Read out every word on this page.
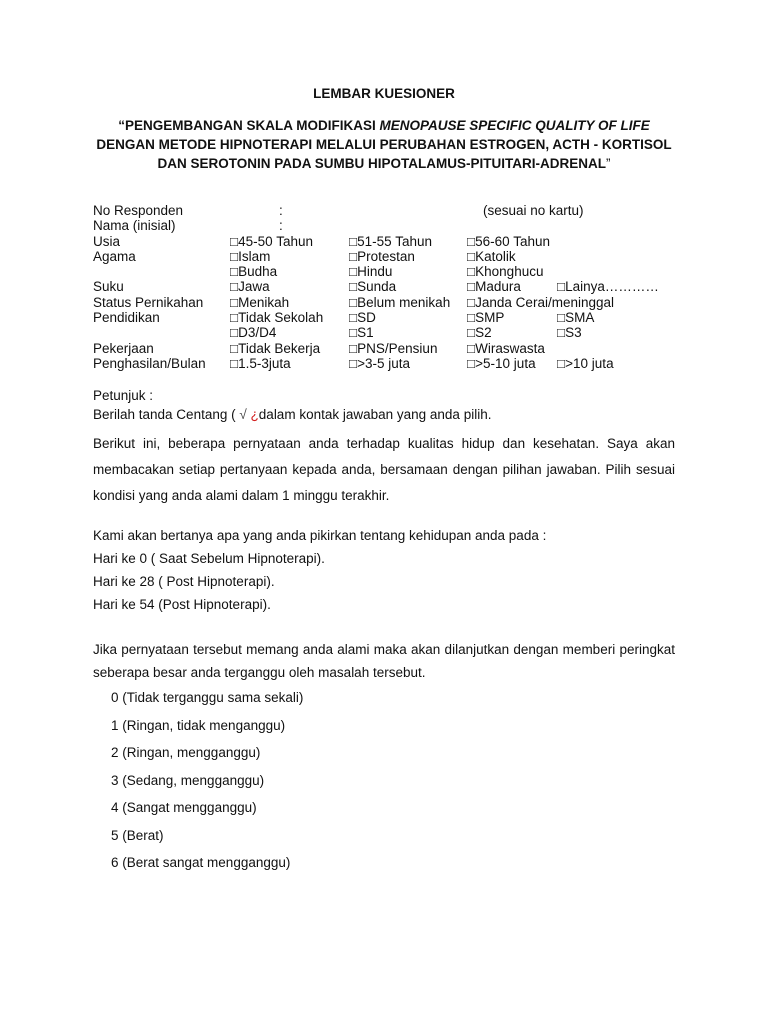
LEMBAR KUESIONER
“PENGEMBANGAN SKALA MODIFIKASI MENOPAUSE SPECIFIC QUALITY OF LIFE DENGAN METODE HIPNOTERAPI MELALUI PERUBAHAN ESTROGEN, ACTH - KORTISOL DAN SEROTONIN PADA SUMBU HIPOTALAMUS-PITUITARI-ADRENAL”
No Responden	:	(sesuai no kartu)
Nama (inisial)	:
Usia	□45-50 Tahun	□51-55 Tahun	□56-60 Tahun
Agama	□Islam	□Protestan	□Katolik
□Budha	□Hindu	□Khonghucu
Suku	□Jawa	□Sunda	□Madura	□Lainya…………
Status Pernikahan □Menikah	□Belum menikah □Janda Cerai/meninggal
Pendidikan	□Tidak Sekolah □SD	□SMP	□SMA
□D3/D4	□S1	□S2	□S3
Pekerjaan	□Tidak Bekerja □PNS/Pensiun □Wiraswasta
Penghasilan/Bulan □1.5-3juta	□>3-5 juta	□>5-10 juta □>10 juta
Petunjuk :
Berilah tanda Centang ( √ ¿dalam kontak jawaban yang anda pilih.
Berikut ini, beberapa pernyataan anda terhadap kualitas hidup dan kesehatan. Saya akan membacakan setiap pertanyaan kepada anda, bersamaan dengan pilihan jawaban. Pilih sesuai kondisi yang anda alami dalam 1 minggu terakhir.
Kami akan bertanya apa yang anda pikirkan tentang kehidupan anda pada :
Hari ke 0 ( Saat Sebelum Hipnoterapi).
Hari ke 28 ( Post Hipnoterapi).
Hari ke 54 (Post Hipnoterapi).
Jika pernyataan tersebut memang anda alami maka akan dilanjutkan dengan memberi peringkat seberapa besar anda terganggu oleh masalah tersebut.
0 (Tidak terganggu sama sekali)
1 (Ringan, tidak menganggu)
2 (Ringan, mengganggu)
3 (Sedang, mengganggu)
4 (Sangat mengganggu)
5 (Berat)
6 (Berat sangat mengganggu)
